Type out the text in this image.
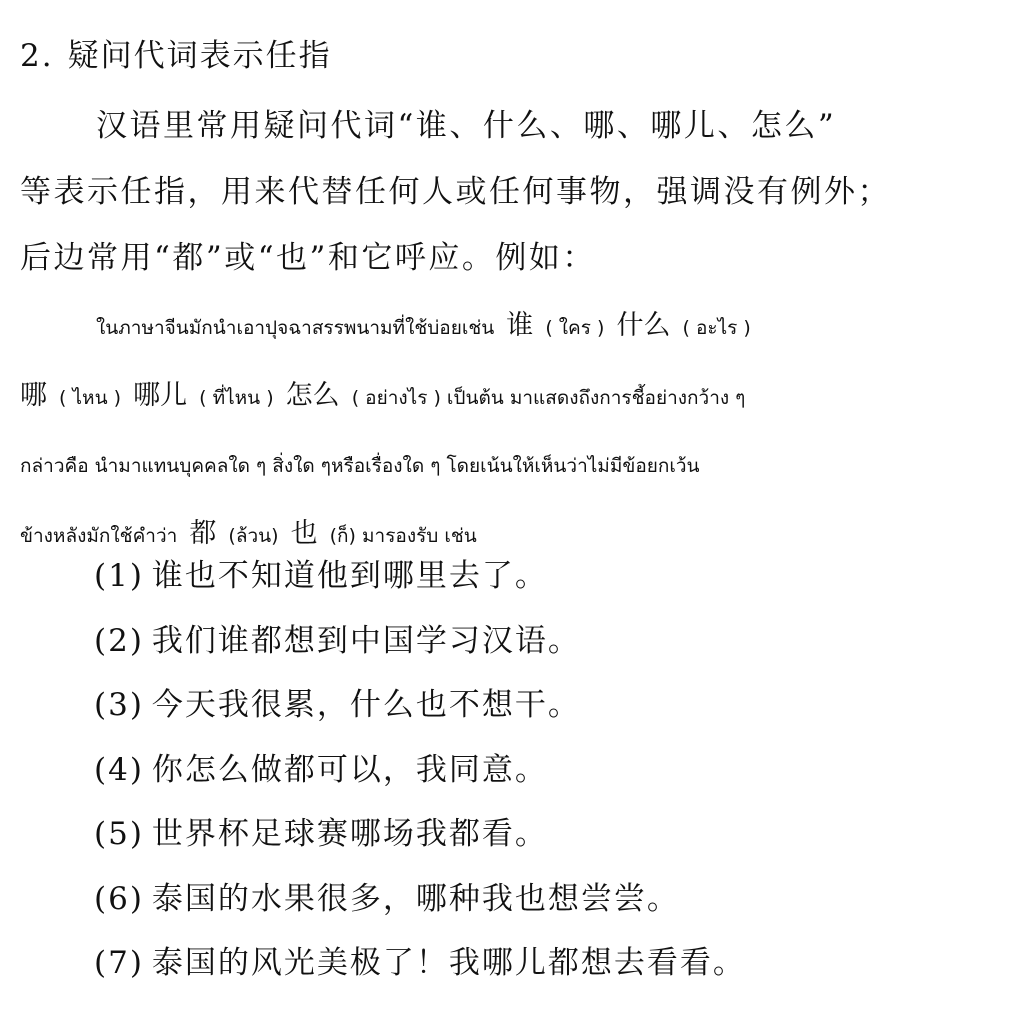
2. 疑问代词表示任指
汉语里常用疑问代词“谁、什么、哪、哪儿、怎么”
等表示任指，用来代替任何人或任何事物，强调没有例外；
后边常用“都”或“也”和它呼应。例如：
ในภาษาจีนมักนำเอาปุจฉาสรรพนามที่ใช้บ่อยเช่น 谁 ( ใคร ) 什么 ( อะไร )
哪 ( ไหน ) 哪儿 ( ที่ไหน ) 怎么 ( อย่างไร ) เป็นต้น มาแสดงถึงการชี้อย่างกว้าง ๆ
กล่าวคือ นำมาแทนบุคคลใด ๆ สิ่งใด ๆหรือเรื่องใด ๆ โดยเน้นให้เห็นว่าไม่มีข้อยกเว้น
ข้างหลังมักใช้คำว่า 都 (ล้วน) 也 (ก็) มารองรับ เช่น
(1) 谁也不知道他到哪里去了。
(2) 我们谁都想到中国学习汉语。
(3) 今天我很累，什么也不想干。
(4) 你怎么做都可以，我同意。
(5) 世界杯足球赛哪场我都看。
(6) 泰国的水果很多，哪种我也想尝尝。
(7) 泰国的风光美极了！我哪儿都想去看看。
